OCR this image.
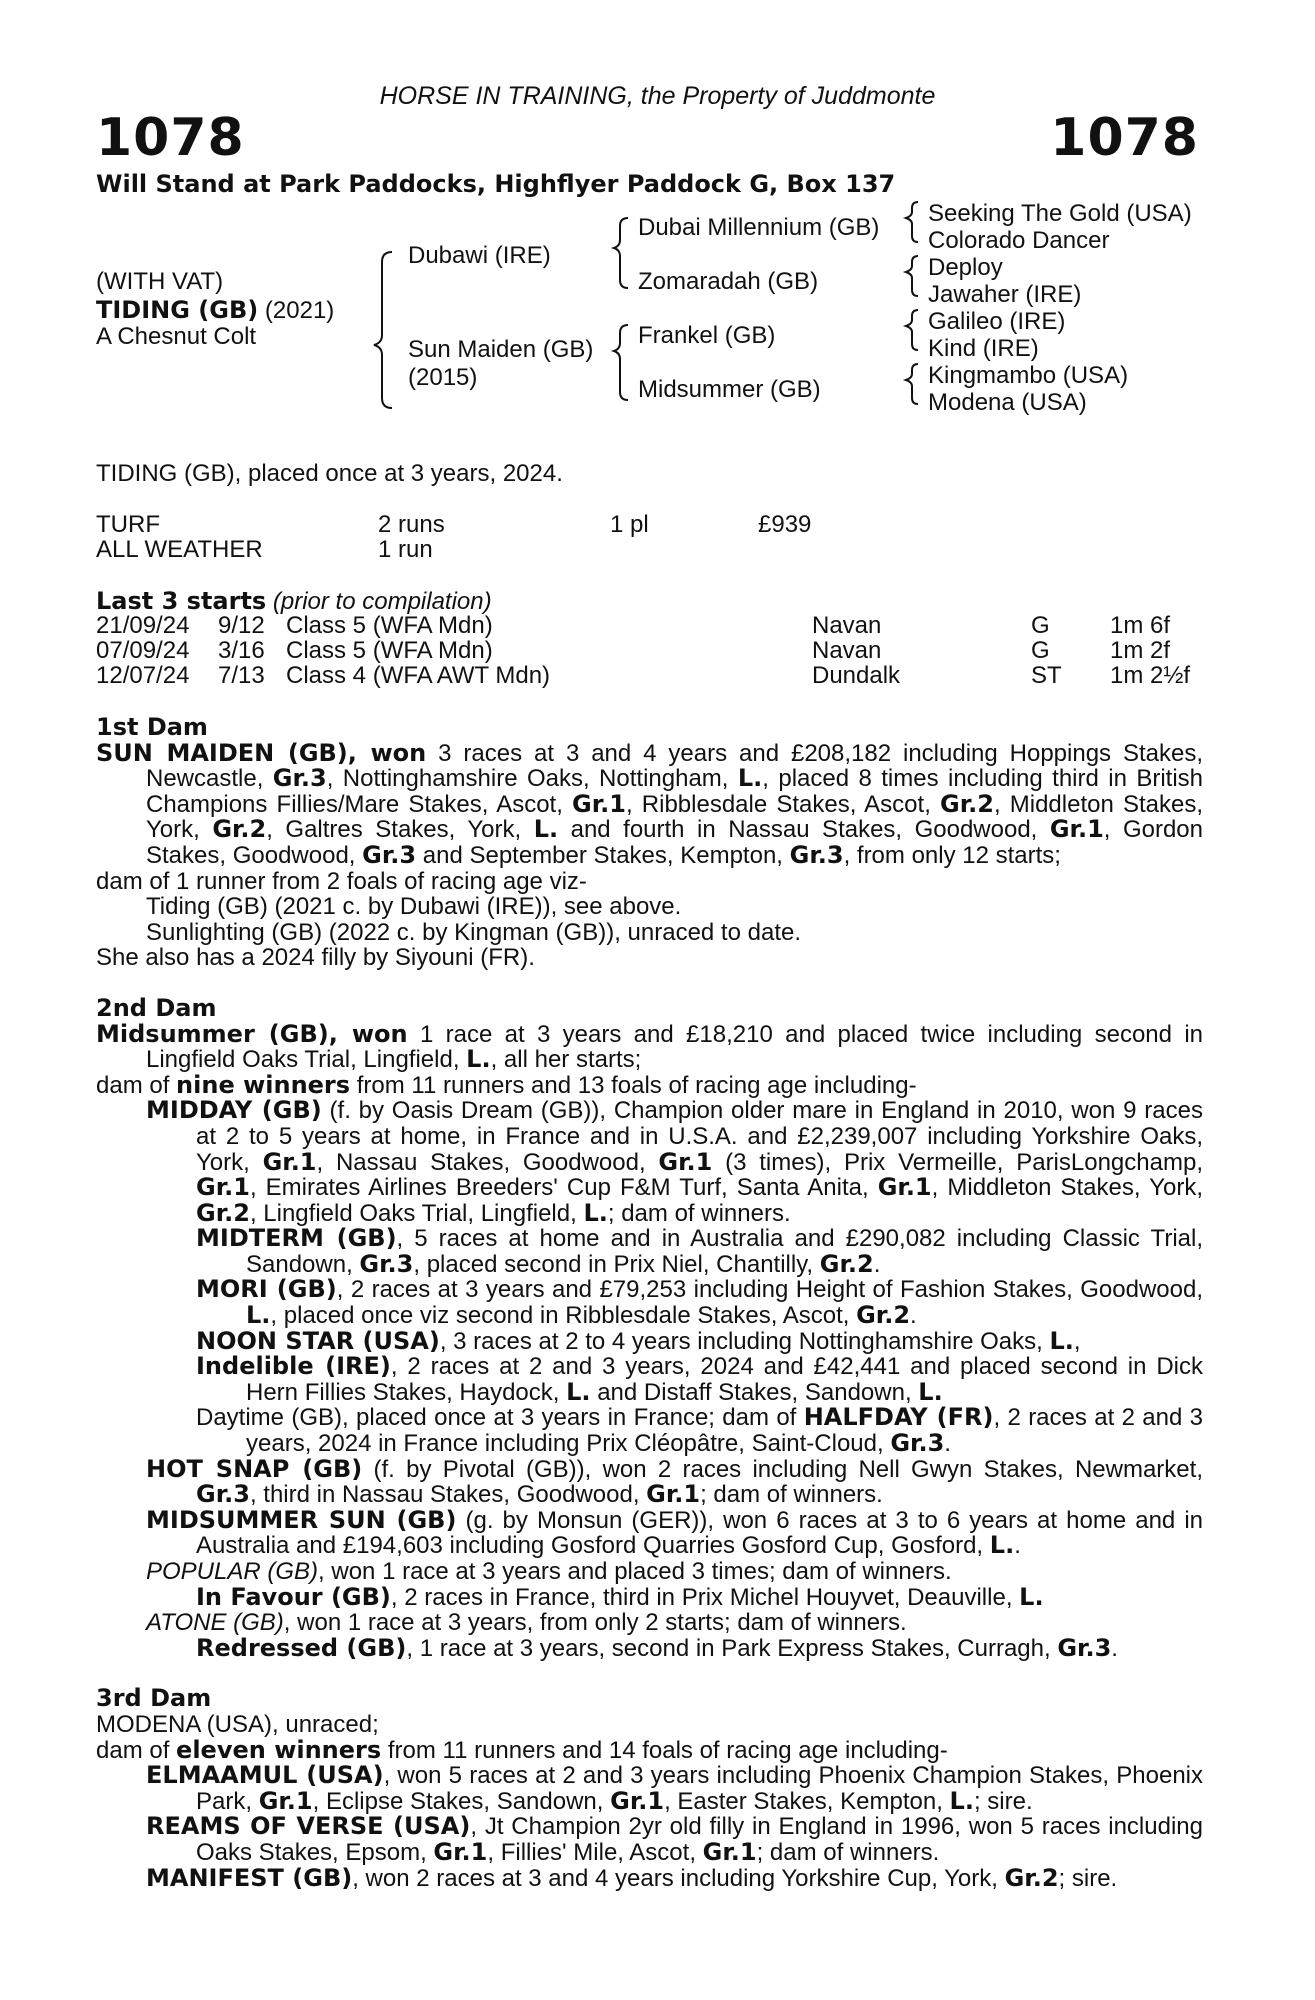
HORSE IN TRAINING, the Property of Juddmonte
1078	1078
Will Stand at Park Paddocks, Highflyer Paddock G, Box 137
(WITH VAT)
TIDING (GB) (2021)
A Chesnut Colt
Dubawi (IRE)
Sun Maiden (GB)
(2015)
Dubai Millennium (GB)
Zomaradah (GB)
Frankel (GB)
Midsummer (GB)
Seeking The Gold (USA)
Colorado Dancer
Deploy
Jawaher (IRE)
Galileo (IRE)
Kind (IRE)
Kingmambo (USA)
Modena (USA)
TIDING (GB), placed once at 3 years, 2024.
TURF	2 runs	1 pl	£939
ALL WEATHER	1 run
Last 3 starts (prior to compilation)
21/09/24 9/12 Class 5 (WFA Mdn)	Navan	G	1m 6f
07/09/24 3/16 Class 5 (WFA Mdn)	Navan	G	1m 2f
12/07/24 7/13 Class 4 (WFA AWT Mdn)	Dundalk	ST 1m 2½f
1st Dam
SUN MAIDEN (GB), won 3 races at 3 and 4 years and £208,182 including Hoppings Stakes, Newcastle, Gr.3, Nottinghamshire Oaks, Nottingham, L., placed 8 times including third in British Champions Fillies/Mare Stakes, Ascot, Gr.1, Ribblesdale Stakes, Ascot, Gr.2, Middleton Stakes, York, Gr.2, Galtres Stakes, York, L. and fourth in Nassau Stakes, Goodwood, Gr.1, Gordon Stakes, Goodwood, Gr.3 and September Stakes, Kempton, Gr.3, from only 12 starts;
dam of 1 runner from 2 foals of racing age viz-
Tiding (GB) (2021 c. by Dubawi (IRE)), see above.
Sunlighting (GB) (2022 c. by Kingman (GB)), unraced to date.
She also has a 2024 filly by Siyouni (FR).
2nd Dam
Midsummer (GB), won 1 race at 3 years and £18,210 and placed twice including second in Lingfield Oaks Trial, Lingfield, L., all her starts;
dam of nine winners from 11 runners and 13 foals of racing age including-
MIDDAY (GB) (f. by Oasis Dream (GB)), Champion older mare in England in 2010, won 9 races at 2 to 5 years at home, in France and in U.S.A. and £2,239,007 including Yorkshire Oaks, York, Gr.1, Nassau Stakes, Goodwood, Gr.1 (3 times), Prix Vermeille, ParisLongchamp, Gr.1, Emirates Airlines Breeders' Cup F&M Turf, Santa Anita, Gr.1, Middleton Stakes, York, Gr.2, Lingfield Oaks Trial, Lingfield, L.; dam of winners.
MIDTERM (GB), 5 races at home and in Australia and £290,082 including Classic Trial, Sandown, Gr.3, placed second in Prix Niel, Chantilly, Gr.2.
MORI (GB), 2 races at 3 years and £79,253 including Height of Fashion Stakes, Goodwood, L., placed once viz second in Ribblesdale Stakes, Ascot, Gr.2.
NOON STAR (USA), 3 races at 2 to 4 years including Nottinghamshire Oaks, L.,
Indelible (IRE), 2 races at 2 and 3 years, 2024 and £42,441 and placed second in Dick Hern Fillies Stakes, Haydock, L. and Distaff Stakes, Sandown, L.
Daytime (GB), placed once at 3 years in France; dam of HALFDAY (FR), 2 races at 2 and 3 years, 2024 in France including Prix Cléopâtre, Saint-Cloud, Gr.3.
HOT SNAP (GB) (f. by Pivotal (GB)), won 2 races including Nell Gwyn Stakes, Newmarket, Gr.3, third in Nassau Stakes, Goodwood, Gr.1; dam of winners.
MIDSUMMER SUN (GB) (g. by Monsun (GER)), won 6 races at 3 to 6 years at home and in Australia and £194,603 including Gosford Quarries Gosford Cup, Gosford, L..
POPULAR (GB), won 1 race at 3 years and placed 3 times; dam of winners.
In Favour (GB), 2 races in France, third in Prix Michel Houyvet, Deauville, L.
ATONE (GB), won 1 race at 3 years, from only 2 starts; dam of winners.
Redressed (GB), 1 race at 3 years, second in Park Express Stakes, Curragh, Gr.3.
3rd Dam
MODENA (USA), unraced;
dam of eleven winners from 11 runners and 14 foals of racing age including-
ELMAAMUL (USA), won 5 races at 2 and 3 years including Phoenix Champion Stakes, Phoenix Park, Gr.1, Eclipse Stakes, Sandown, Gr.1, Easter Stakes, Kempton, L.; sire.
REAMS OF VERSE (USA), Jt Champion 2yr old filly in England in 1996, won 5 races including Oaks Stakes, Epsom, Gr.1, Fillies' Mile, Ascot, Gr.1; dam of winners.
MANIFEST (GB), won 2 races at 3 and 4 years including Yorkshire Cup, York, Gr.2; sire.
